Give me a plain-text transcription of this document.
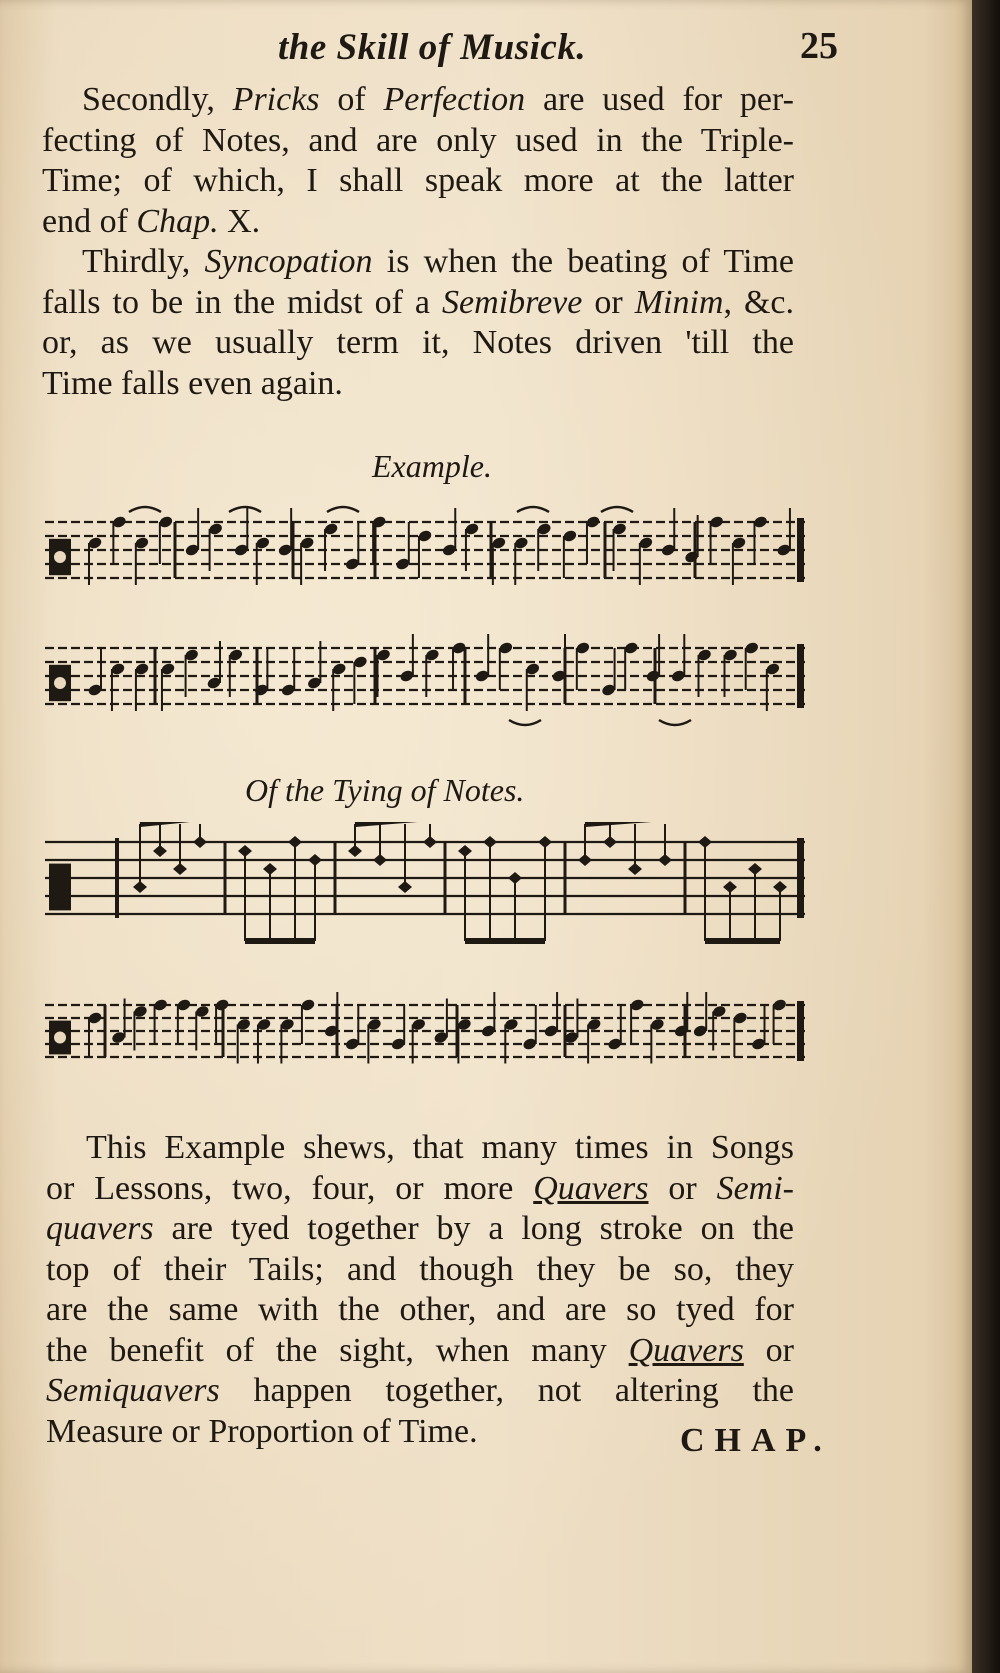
the Skill of Musick.	25
Secondly, Pricks of Perfection are used for per-
fecting of Notes, and are only used in the Triple-
Time; of which, I shall speak more at the latter
end of Chap. X.
Thirdly, Syncopation is when the beating of Time
falls to be in the midst of a Semibreve or Minim, &c.
or, as we usually term it, Notes driven 'till the
Time falls even again.
Example.
Of the Tying of Notes.
This Example shews, that many times in Songs
or Lessons, two, four, or more Quavers or Semi-
quavers are tyed together by a long stroke on the
top of their Tails; and though they be so, they
are the same with the other, and are so tyed for
the benefit of the sight, when many Quavers or
Semiquavers happen together, not altering the
Measure or Proportion of Time.	CHAP.
